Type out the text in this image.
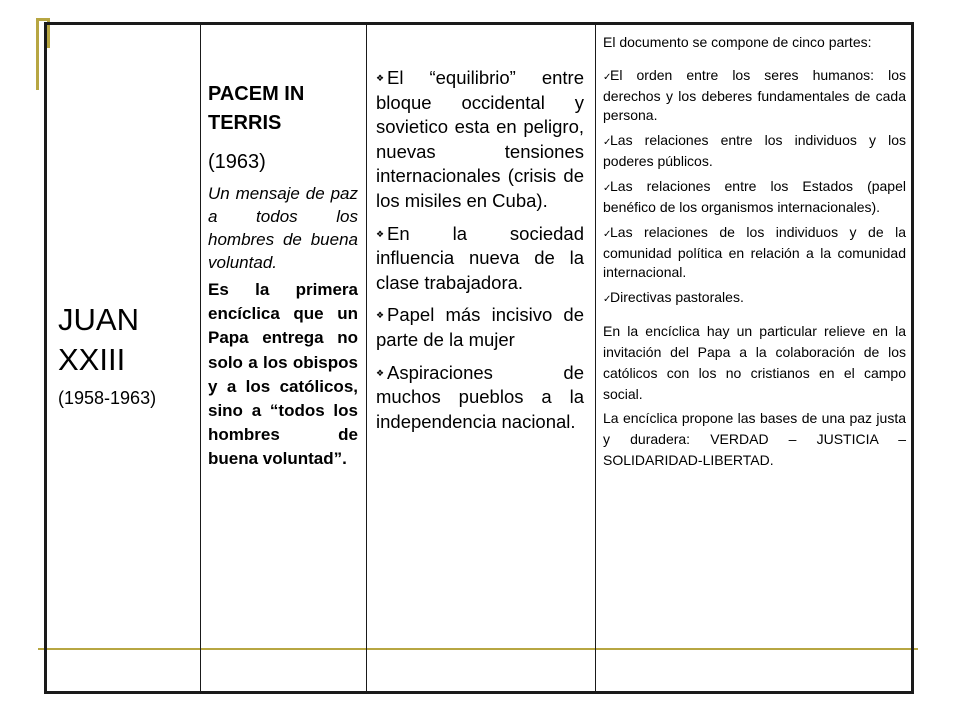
JUAN XXIII
(1958-1963)
PACEM IN TERRIS
(1963)
Un mensaje de paz a todos los hombres de buena voluntad.
Es la primera encíclica que un Papa entrega no solo a los obispos y a los católicos, sino a “todos los hombres de buena voluntad”.
❖ El “equilibrio” entre bloque occidental y sovietico esta en peligro, nuevas tensiones internacionales (crisis de los misiles en Cuba).
❖ En la sociedad influencia nueva de la clase trabajadora.
❖ Papel más incisivo de parte de la mujer
❖ Aspiraciones de muchos pueblos a la independencia nacional.
El documento se compone de cinco partes:
✓El orden entre los seres humanos: los derechos y los deberes fundamentales de cada persona.
✓Las relaciones entre los individuos y los poderes públicos.
✓Las relaciones entre los Estados (papel benéfico de los organismos internacionales).
✓Las relaciones de los individuos y de la comunidad política en relación a la comunidad internacional.
✓Directivas pastorales.
En la encíclica hay un particular relieve en la invitación del Papa a la colaboración de los católicos con los no cristianos en el campo social.
La encíclica propone las bases de una paz justa y duradera: VERDAD – JUSTICIA – SOLIDARIDAD-LIBERTAD.
